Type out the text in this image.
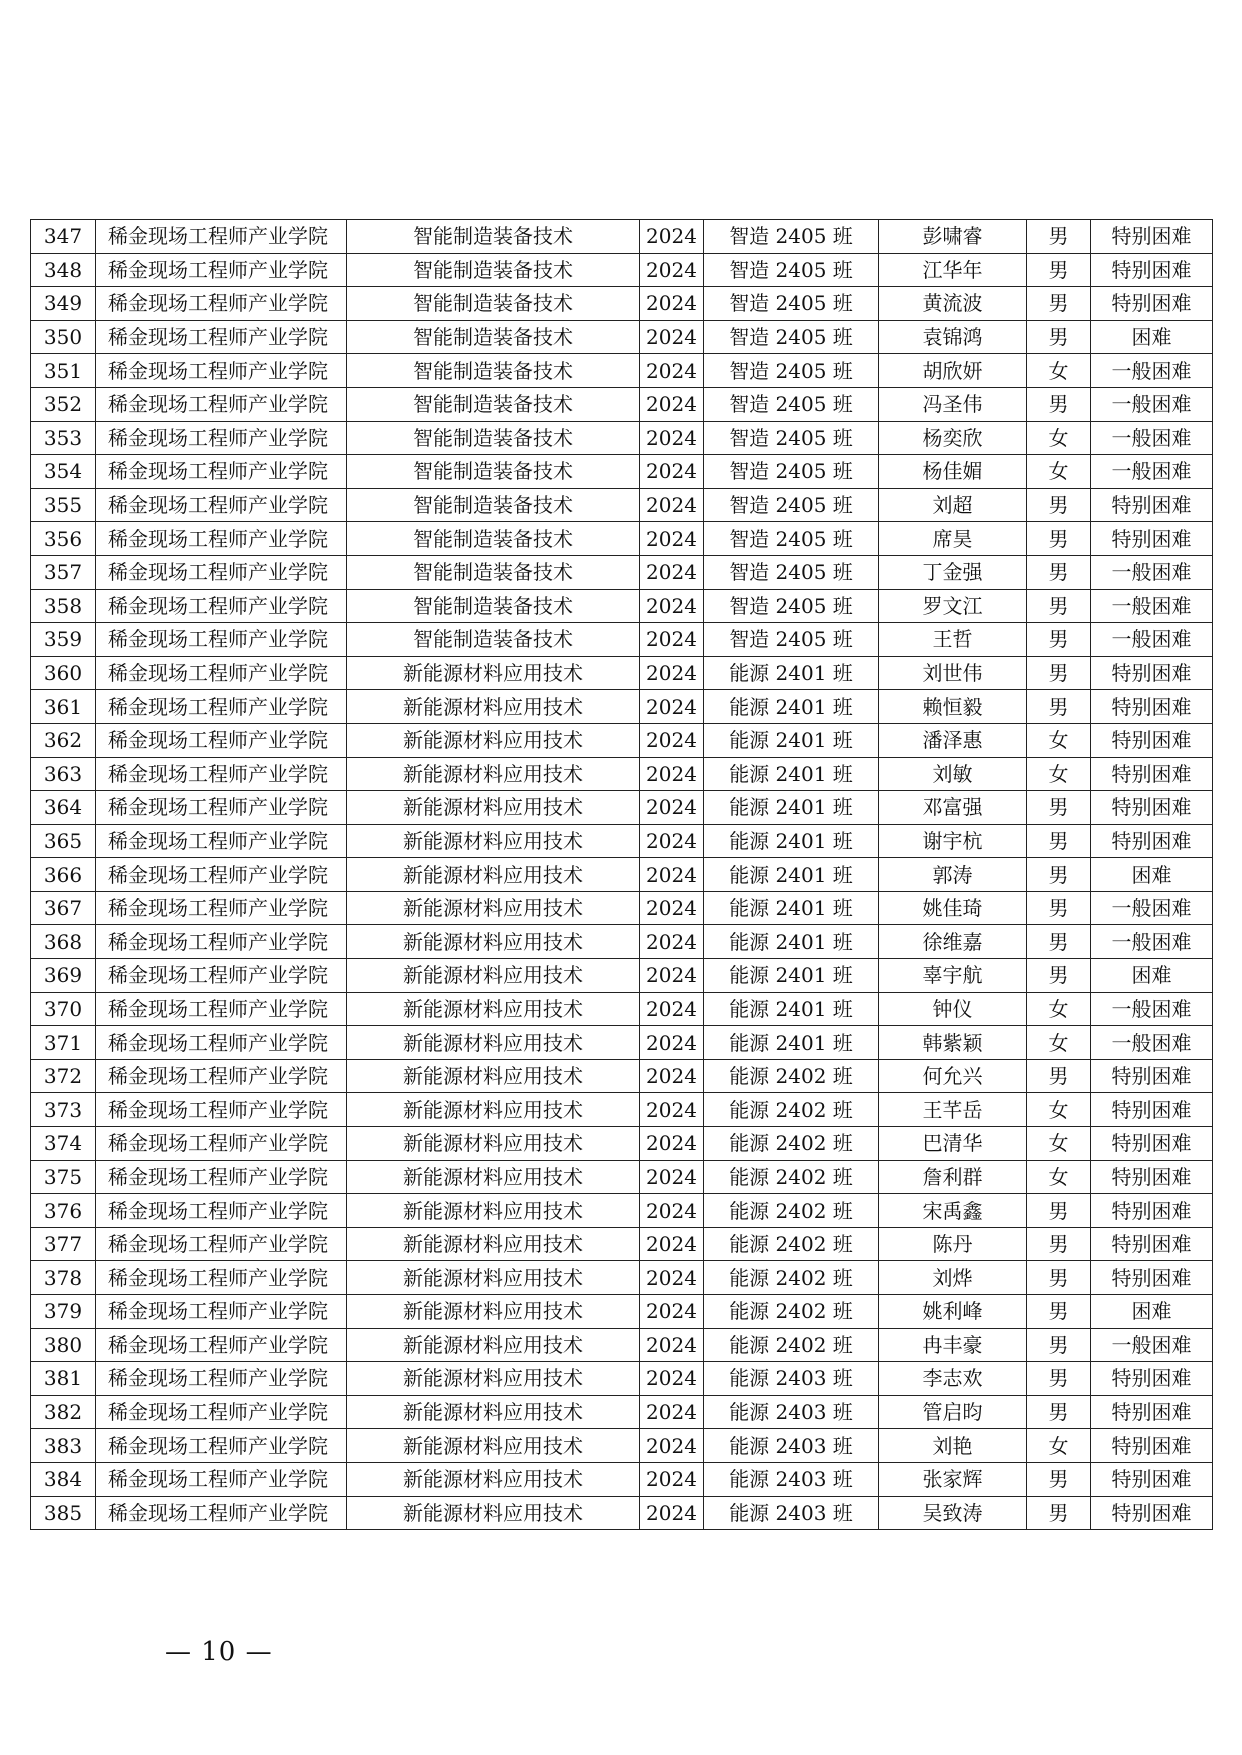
347	稀金现场工程师产业学院	智能制造装备技术	2024	智造 2405 班	彭啸睿	男	特别困难
348	稀金现场工程师产业学院	智能制造装备技术	2024	智造 2405 班	江华年	男	特别困难
349	稀金现场工程师产业学院	智能制造装备技术	2024	智造 2405 班	黄流波	男	特别困难
350	稀金现场工程师产业学院	智能制造装备技术	2024	智造 2405 班	袁锦鸿	男	困难
351	稀金现场工程师产业学院	智能制造装备技术	2024	智造 2405 班	胡欣妍	女	一般困难
352	稀金现场工程师产业学院	智能制造装备技术	2024	智造 2405 班	冯圣伟	男	一般困难
353	稀金现场工程师产业学院	智能制造装备技术	2024	智造 2405 班	杨奕欣	女	一般困难
354	稀金现场工程师产业学院	智能制造装备技术	2024	智造 2405 班	杨佳媚	女	一般困难
355	稀金现场工程师产业学院	智能制造装备技术	2024	智造 2405 班	刘超	男	特别困难
356	稀金现场工程师产业学院	智能制造装备技术	2024	智造 2405 班	席昊	男	特别困难
357	稀金现场工程师产业学院	智能制造装备技术	2024	智造 2405 班	丁金强	男	一般困难
358	稀金现场工程师产业学院	智能制造装备技术	2024	智造 2405 班	罗文江	男	一般困难
359	稀金现场工程师产业学院	智能制造装备技术	2024	智造 2405 班	王哲	男	一般困难
360	稀金现场工程师产业学院	新能源材料应用技术	2024	能源 2401 班	刘世伟	男	特别困难
361	稀金现场工程师产业学院	新能源材料应用技术	2024	能源 2401 班	赖恒毅	男	特别困难
362	稀金现场工程师产业学院	新能源材料应用技术	2024	能源 2401 班	潘泽惠	女	特别困难
363	稀金现场工程师产业学院	新能源材料应用技术	2024	能源 2401 班	刘敏	女	特别困难
364	稀金现场工程师产业学院	新能源材料应用技术	2024	能源 2401 班	邓富强	男	特别困难
365	稀金现场工程师产业学院	新能源材料应用技术	2024	能源 2401 班	谢宇杭	男	特别困难
366	稀金现场工程师产业学院	新能源材料应用技术	2024	能源 2401 班	郭涛	男	困难
367	稀金现场工程师产业学院	新能源材料应用技术	2024	能源 2401 班	姚佳琦	男	一般困难
368	稀金现场工程师产业学院	新能源材料应用技术	2024	能源 2401 班	徐维嘉	男	一般困难
369	稀金现场工程师产业学院	新能源材料应用技术	2024	能源 2401 班	辜宇航	男	困难
370	稀金现场工程师产业学院	新能源材料应用技术	2024	能源 2401 班	钟仪	女	一般困难
371	稀金现场工程师产业学院	新能源材料应用技术	2024	能源 2401 班	韩紫颖	女	一般困难
372	稀金现场工程师产业学院	新能源材料应用技术	2024	能源 2402 班	何允兴	男	特别困难
373	稀金现场工程师产业学院	新能源材料应用技术	2024	能源 2402 班	王芊岳	女	特别困难
374	稀金现场工程师产业学院	新能源材料应用技术	2024	能源 2402 班	巴清华	女	特别困难
375	稀金现场工程师产业学院	新能源材料应用技术	2024	能源 2402 班	詹利群	女	特别困难
376	稀金现场工程师产业学院	新能源材料应用技术	2024	能源 2402 班	宋禹鑫	男	特别困难
377	稀金现场工程师产业学院	新能源材料应用技术	2024	能源 2402 班	陈丹	男	特别困难
378	稀金现场工程师产业学院	新能源材料应用技术	2024	能源 2402 班	刘烨	男	特别困难
379	稀金现场工程师产业学院	新能源材料应用技术	2024	能源 2402 班	姚利峰	男	困难
380	稀金现场工程师产业学院	新能源材料应用技术	2024	能源 2402 班	冉丰豪	男	一般困难
381	稀金现场工程师产业学院	新能源材料应用技术	2024	能源 2403 班	李志欢	男	特别困难
382	稀金现场工程师产业学院	新能源材料应用技术	2024	能源 2403 班	管启昀	男	特别困难
383	稀金现场工程师产业学院	新能源材料应用技术	2024	能源 2403 班	刘艳	女	特别困难
384	稀金现场工程师产业学院	新能源材料应用技术	2024	能源 2403 班	张家辉	男	特别困难
385	稀金现场工程师产业学院	新能源材料应用技术	2024	能源 2403 班	吴致涛	男	特别困难
— 10 —
